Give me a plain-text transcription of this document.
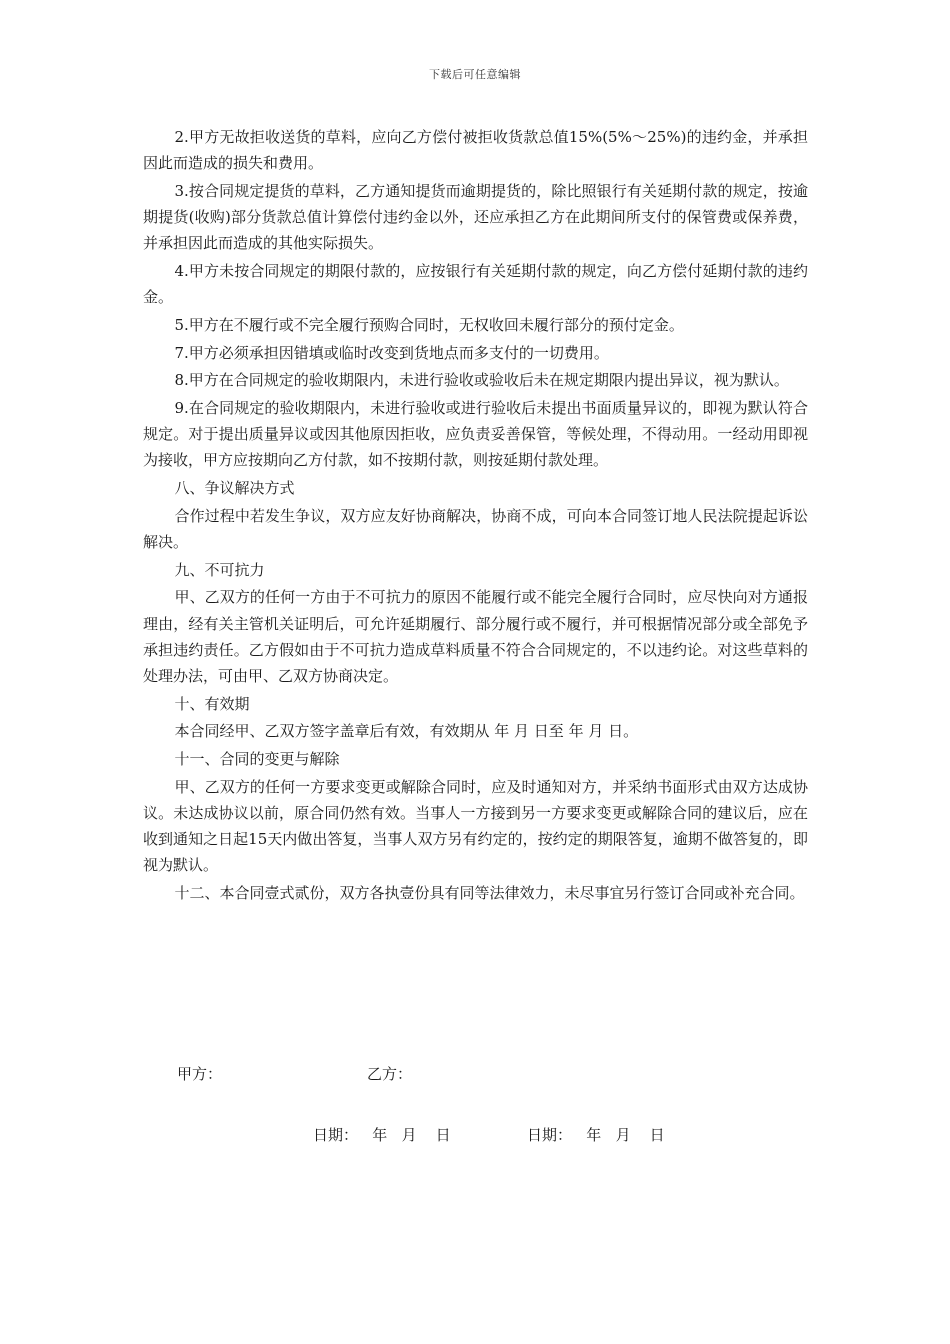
下载后可任意编辑

2.甲方无故拒收送货的草料，应向乙方偿付被拒收货款总值15%(5%～25%)的违约金，并承担因此而造成的损失和费用。

3.按合同规定提货的草料，乙方通知提货而逾期提货的，除比照银行有关延期付款的规定，按逾期提货(收购)部分货款总值计算偿付违约金以外，还应承担乙方在此期间所支付的保管费或保养费，并承担因此而造成的其他实际损失。

4.甲方未按合同规定的期限付款的，应按银行有关延期付款的规定，向乙方偿付延期付款的违约金。

5.甲方在不履行或不完全履行预购合同时，无权收回未履行部分的预付定金。

7.甲方必须承担因错填或临时改变到货地点而多支付的一切费用。

8.甲方在合同规定的验收期限内，未进行验收或验收后未在规定期限内提出异议，视为默认。

9.在合同规定的验收期限内，未进行验收或进行验收后未提出书面质量异议的，即视为默认符合规定。对于提出质量异议或因其他原因拒收，应负责妥善保管，等候处理，不得动用。一经动用即视为接收，甲方应按期向乙方付款，如不按期付款，则按延期付款处理。

八、争议解决方式

合作过程中若发生争议，双方应友好协商解决，协商不成，可向本合同签订地人民法院提起诉讼解决。

九、不可抗力

甲、乙双方的任何一方由于不可抗力的原因不能履行或不能完全履行合同时，应尽快向对方通报理由，经有关主管机关证明后，可允许延期履行、部分履行或不履行，并可根据情况部分或全部免予承担违约责任。乙方假如由于不可抗力造成草料质量不符合合同规定的，不以违约论。对这些草料的处理办法，可由甲、乙双方协商决定。

十、有效期

本合同经甲、乙双方签字盖章后有效，有效期从 年 月 日至 年 月 日。

十一、合同的变更与解除

甲、乙双方的任何一方要求变更或解除合同时，应及时通知对方，并采纳书面形式由双方达成协议。未达成协议以前，原合同仍然有效。当事人一方接到另一方要求变更或解除合同的建议后，应在收到通知之日起15天内做出答复，当事人双方另有约定的，按约定的期限答复，逾期不做答复的，即视为默认。

十二、本合同壹式贰份，双方各执壹份具有同等法律效力，未尽事宜另行签订合同或补充合同。

甲方：	乙方：
日期：   年   月    日	日期：   年   月    日
